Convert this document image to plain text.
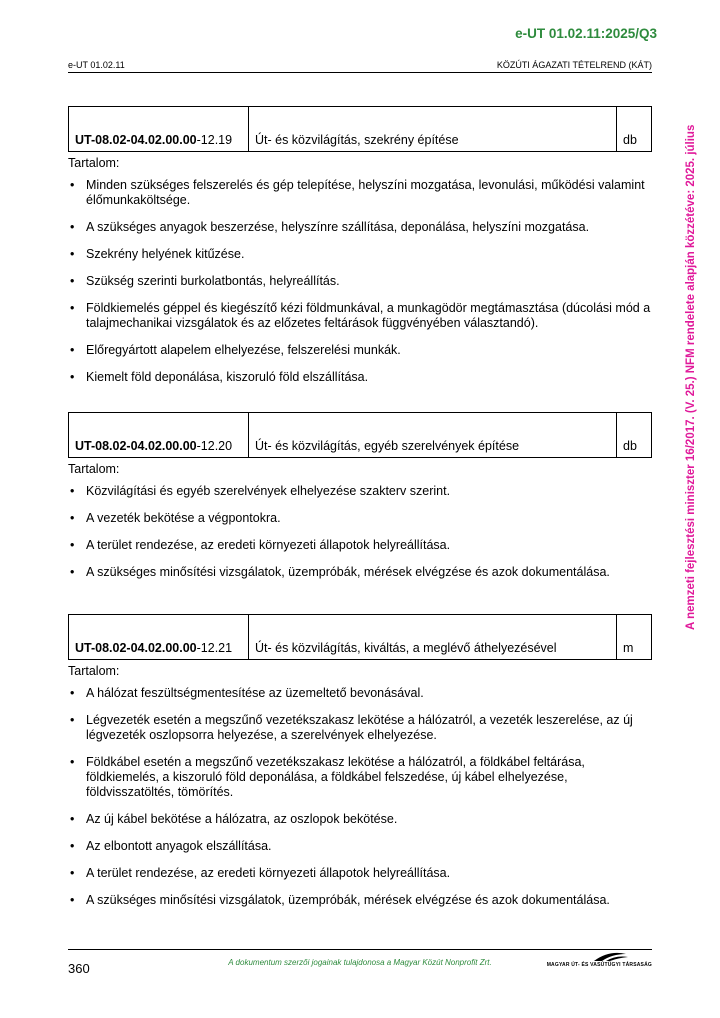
e-UT 01.02.11:2025/Q3
e-UT 01.02.11	KÖZÚTI ÁGAZATI TÉTELREND (KÁT)
UT-08.02-04.02.00.00-12.19	Út- és közvilágítás, szekrény építése	db
Tartalom:
• Minden szükséges felszerelés és gép telepítése, helyszíni mozgatása, levonulási, működési valamint élőmunkaköltsége.
• A szükséges anyagok beszerzése, helyszínre szállítása, deponálása, helyszíni mozgatása.
• Szekrény helyének kitűzése.
• Szükség szerinti burkolatbontás, helyreállítás.
• Földkiemelés géppel és kiegészítő kézi földmunkával, a munkagödör megtámasztása (dúcolási mód a talajmechanikai vizsgálatok és az előzetes feltárások függvényében választandó).
• Előregyártott alapelem elhelyezése, felszerelési munkák.
• Kiemelt föld deponálása, kiszoruló föld elszállítása.
UT-08.02-04.02.00.00-12.20	Út- és közvilágítás, egyéb szerelvények építése	db
Tartalom:
• Közvilágítási és egyéb szerelvények elhelyezése szakterv szerint.
• A vezeték bekötése a végpontokra.
• A terület rendezése, az eredeti környezeti állapotok helyreállítása.
• A szükséges minősítési vizsgálatok, üzempróbák, mérések elvégzése és azok dokumentálása.
UT-08.02-04.02.00.00-12.21	Út- és közvilágítás, kiváltás, a meglévő áthelyezésével	m
Tartalom:
• A hálózat feszültségmentesítése az üzemeltető bevonásával.
• Légvezeték esetén a megszűnő vezetékszakasz lekötése a hálózatról, a vezeték leszerelése, az új légvezeték oszlopsorra helyezése, a szerelvények elhelyezése.
• Földkábel esetén a megszűnő vezetékszakasz lekötése a hálózatról, a földkábel feltárása, földkiemelés, a kiszoruló föld deponálása, a földkábel felszedése, új kábel elhelyezése, földvisszatöltés, tömörítés.
• Az új kábel bekötése a hálózatra, az oszlopok bekötése.
• Az elbontott anyagok elszállítása.
• A terület rendezése, az eredeti környezeti állapotok helyreállítása.
• A szükséges minősítési vizsgálatok, üzempróbák, mérések elvégzése és azok dokumentálása.
A nemzeti fejlesztési miniszter 16/2017. (V. 25.) NFM rendelete alapján közzétéve: 2025. július
360	A dokumentum szerzői jogainak tulajdonosa a Magyar Közút Nonprofit Zrt.	MAGYAR ÚT- ÉS VASÚTÜGYI TÁRSASÁG
